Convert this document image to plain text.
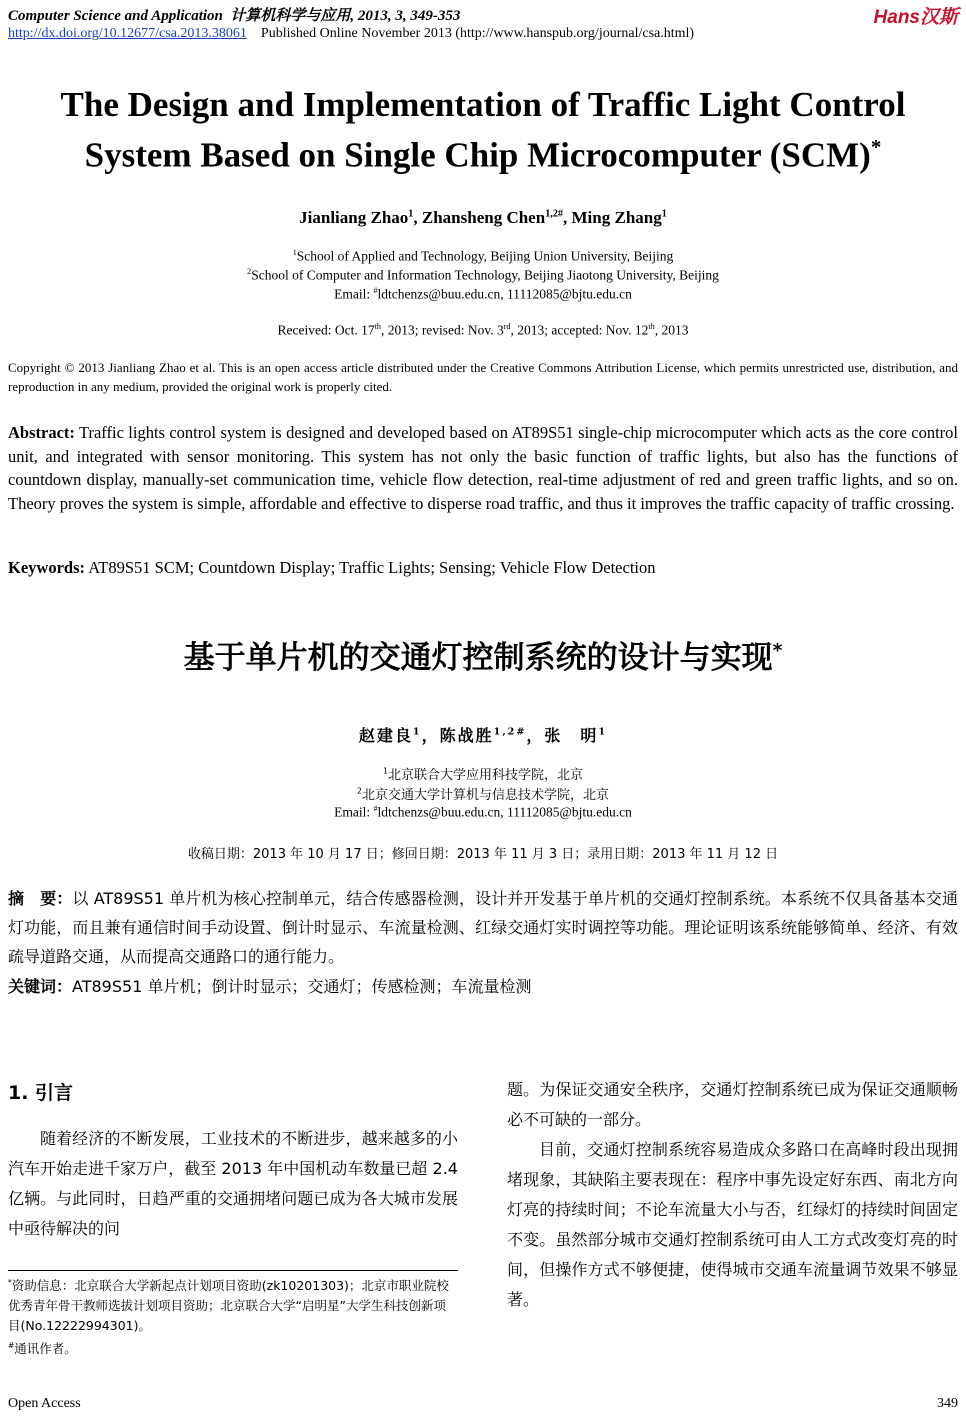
Computer Science and Application 计算机科学与应用, 2013, 3, 349-353	Hans汉斯
http://dx.doi.org/10.12677/csa.2013.38061 Published Online November 2013 (http://www.hanspub.org/journal/csa.html)
The Design and Implementation of Traffic Light Control
System Based on Single Chip Microcomputer (SCM)*
Jianliang Zhao$^1$, Zhansheng Chen$^{1,2\#}$, Ming Zhang$^1$
$^1$School of Applied and Technology, Beijing Union University, Beijing
$^2$School of Computer and Information Technology, Beijing Jiaotong University, Beijing
Email: #ldtchenzs@buu.edu.cn, 11112085@bjtu.edu.cn
Received: Oct. 17th, 2013; revised: Nov. 3rd, 2013; accepted: Nov. 12th, 2013
Copyright © 2013 Jianliang Zhao et al. This is an open access article distributed under the Creative Commons Attribution License, which permits unrestricted use, distribution, and reproduction in any medium, provided the original work is properly cited.
Abstract: Traffic lights control system is designed and developed based on AT89S51 single-chip microcomputer which acts as the core control unit, and integrated with sensor monitoring. This system has not only the basic function of traffic lights, but also has the functions of countdown display, manually-set communication time, vehicle flow detection, real-time adjustment of red and green traffic lights, and so on. Theory proves the system is simple, affordable and effective to disperse road traffic, and thus it improves the traffic capacity of traffic crossing.
Keywords: AT89S51 SCM; Countdown Display; Traffic Lights; Sensing; Vehicle Flow Detection
基于单片机的交通灯控制系统的设计与实现*
赵建良$^1$，陈战胜$^{1,2\#}$，张　明$^1$
$^1$北京联合大学应用科技学院，北京
$^2$北京交通大学计算机与信息技术学院，北京
Email: #ldtchenzs@buu.edu.cn, 11112085@bjtu.edu.cn
收稿日期：2013 年 10 月 17 日；修回日期：2013 年 11 月 3 日；录用日期：2013 年 11 月 12 日
摘　要：以 AT89S51 单片机为核心控制单元，结合传感器检测，设计并开发基于单片机的交通灯控制系统。本系统不仅具备基本交通灯功能，而且兼有通信时间手动设置、倒计时显示、车流量检测、红绿交通灯实时调控等功能。理论证明该系统能够简单、经济、有效疏导道路交通，从而提高交通路口的通行能力。
关键词：AT89S51 单片机；倒计时显示；交通灯；传感检测；车流量检测
1. 引言
随着经济的不断发展，工业技术的不断进步，越来越多的小汽车开始走进千家万户，截至 2013 年中国机动车数量已超 2.4 亿辆。与此同时，日趋严重的交通拥堵问题已成为各大城市发展中亟待解决的问
题。为保证交通安全秩序，交通灯控制系统已成为保证交通顺畅必不可缺的一部分。
目前，交通灯控制系统容易造成众多路口在高峰时段出现拥堵现象，其缺陷主要表现在：程序中事先设定好东西、南北方向灯亮的持续时间；不论车流量大小与否，红绿灯的持续时间固定不变。虽然部分城市交通灯控制系统可由人工方式改变灯亮的时间，但操作方式不够便捷，使得城市交通车流量调节效果不够显著。
*资助信息：北京联合大学新起点计划项目资助(zk10201303)；北京市职业院校优秀青年骨干教师选拔计划项目资助；北京联合大学“启明星”大学生科技创新项目(No.12222994301)。
#通讯作者。
Open Access	349
